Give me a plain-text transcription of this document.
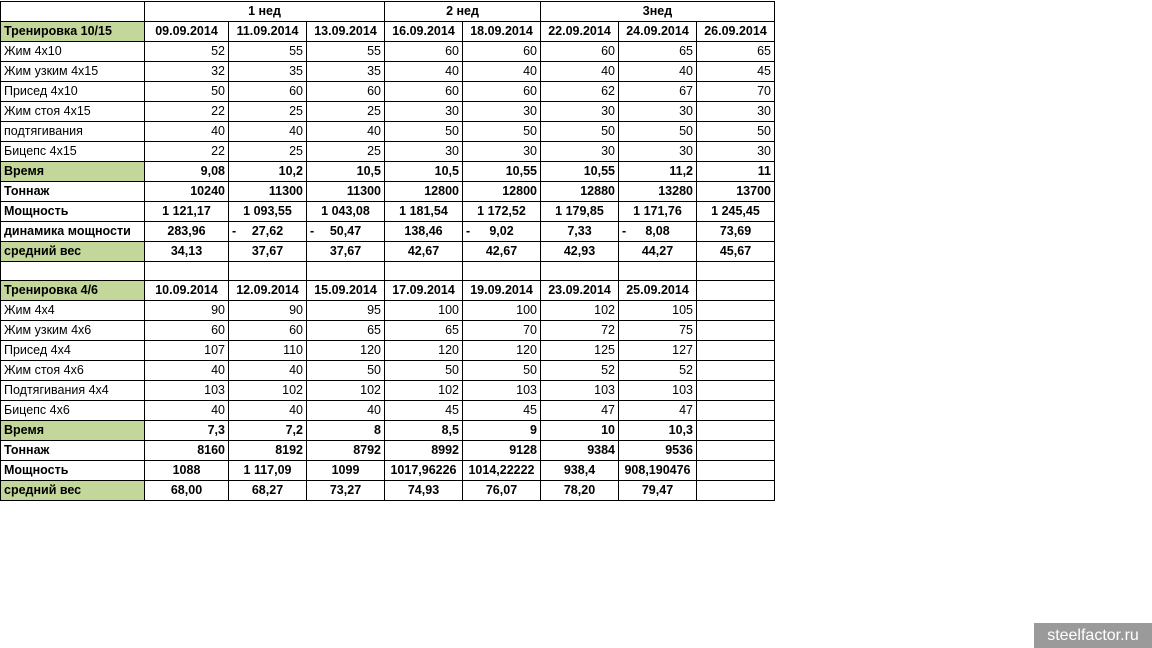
	1 нед			2 нед		3нед		
Тренировка 10/15	09.09.2014	11.09.2014	13.09.2014	16.09.2014	18.09.2014	22.09.2014	24.09.2014	26.09.2014
Жим 4х10	52	55	55	60	60	60	65	65
Жим узким 4х15	32	35	35	40	40	40	40	45
Присед 4х10	50	60	60	60	60	62	67	70
Жим стоя 4х15	22	25	25	30	30	30	30	30
подтягивания	40	40	40	50	50	50	50	50
Бицепс 4х15	22	25	25	30	30	30	30	30
Время	9,08	10,2	10,5	10,5	10,55	10,55	11,2	11
Тоннаж	10240	11300	11300	12800	12800	12880	13280	13700
Мощность	1 121,17	1 093,55	1 043,08	1 181,54	1 172,52	1 179,85	1 171,76	1 245,45
динамика мощности	283,96	- 27,62	- 50,47	138,46	- 9,02	7,33	- 8,08	73,69
средний вес	34,13	37,67	37,67	42,67	42,67	42,93	44,27	45,67

Тренировка 4/6	10.09.2014	12.09.2014	15.09.2014	17.09.2014	19.09.2014	23.09.2014	25.09.2014	
Жим 4х4	90	90	95	100	100	102	105	
Жим узким 4х6	60	60	65	65	70	72	75	
Присед 4х4	107	110	120	120	120	125	127	
Жим стоя 4х6	40	40	50	50	50	52	52	
Подтягивания 4х4	103	102	102	102	103	103	103	
Бицепс 4х6	40	40	40	45	45	47	47	
Время	7,3	7,2	8	8,5	9	10	10,3	
Тоннаж	8160	8192	8792	8992	9128	9384	9536	
Мощность	1088	1 117,09	1099	1017,96226	1014,22222	938,4	908,190476	
средний вес	68,00	68,27	73,27	74,93	76,07	78,20	79,47	
steelfactor.ru
